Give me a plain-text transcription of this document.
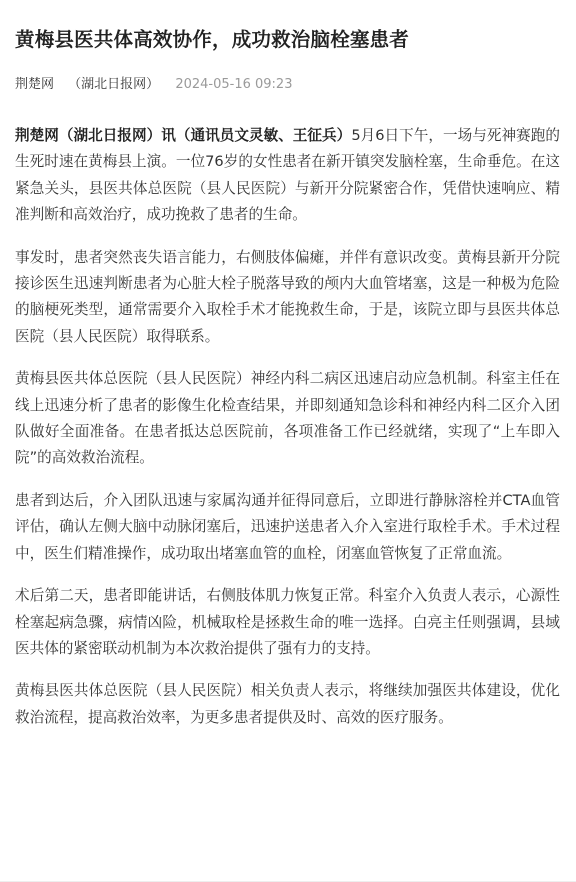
黄梅县医共体高效协作，成功救治脑栓塞患者
荆楚网 （湖北日报网） 2024-05-16 09:23

荆楚网（湖北日报网）讯（通讯员文灵敏、王征兵）5月6日下午，一场与死神赛跑的生死时速在黄梅县上演。一位76岁的女性患者在新开镇突发脑栓塞，生命垂危。在这紧急关头，县医共体总医院（县人民医院）与新开分院紧密合作，凭借快速响应、精准判断和高效治疗，成功挽救了患者的生命。

事发时，患者突然丧失语言能力，右侧肢体偏瘫，并伴有意识改变。黄梅县新开分院接诊医生迅速判断患者为心脏大栓子脱落导致的颅内大血管堵塞，这是一种极为危险的脑梗死类型，通常需要介入取栓手术才能挽救生命，于是，该院立即与县医共体总医院（县人民医院）取得联系。

黄梅县医共体总医院（县人民医院）神经内科二病区迅速启动应急机制。科室主任在线上迅速分析了患者的影像生化检查结果，并即刻通知急诊科和神经内科二区介入团队做好全面准备。在患者抵达总医院前，各项准备工作已经就绪，实现了“上车即入院”的高效救治流程。

患者到达后，介入团队迅速与家属沟通并征得同意后，立即进行静脉溶栓并CTA血管评估，确认左侧大脑中动脉闭塞后，迅速护送患者入介入室进行取栓手术。手术过程中，医生们精准操作，成功取出堵塞血管的血栓，闭塞血管恢复了正常血流。

术后第二天，患者即能讲话，右侧肢体肌力恢复正常。科室介入负责人表示，心源性栓塞起病急骤，病情凶险，机械取栓是拯救生命的唯一选择。白亮主任则强调，县域医共体的紧密联动机制为本次救治提供了强有力的支持。

黄梅县医共体总医院（县人民医院）相关负责人表示，将继续加强医共体建设，优化救治流程，提高救治效率，为更多患者提供及时、高效的医疗服务。
